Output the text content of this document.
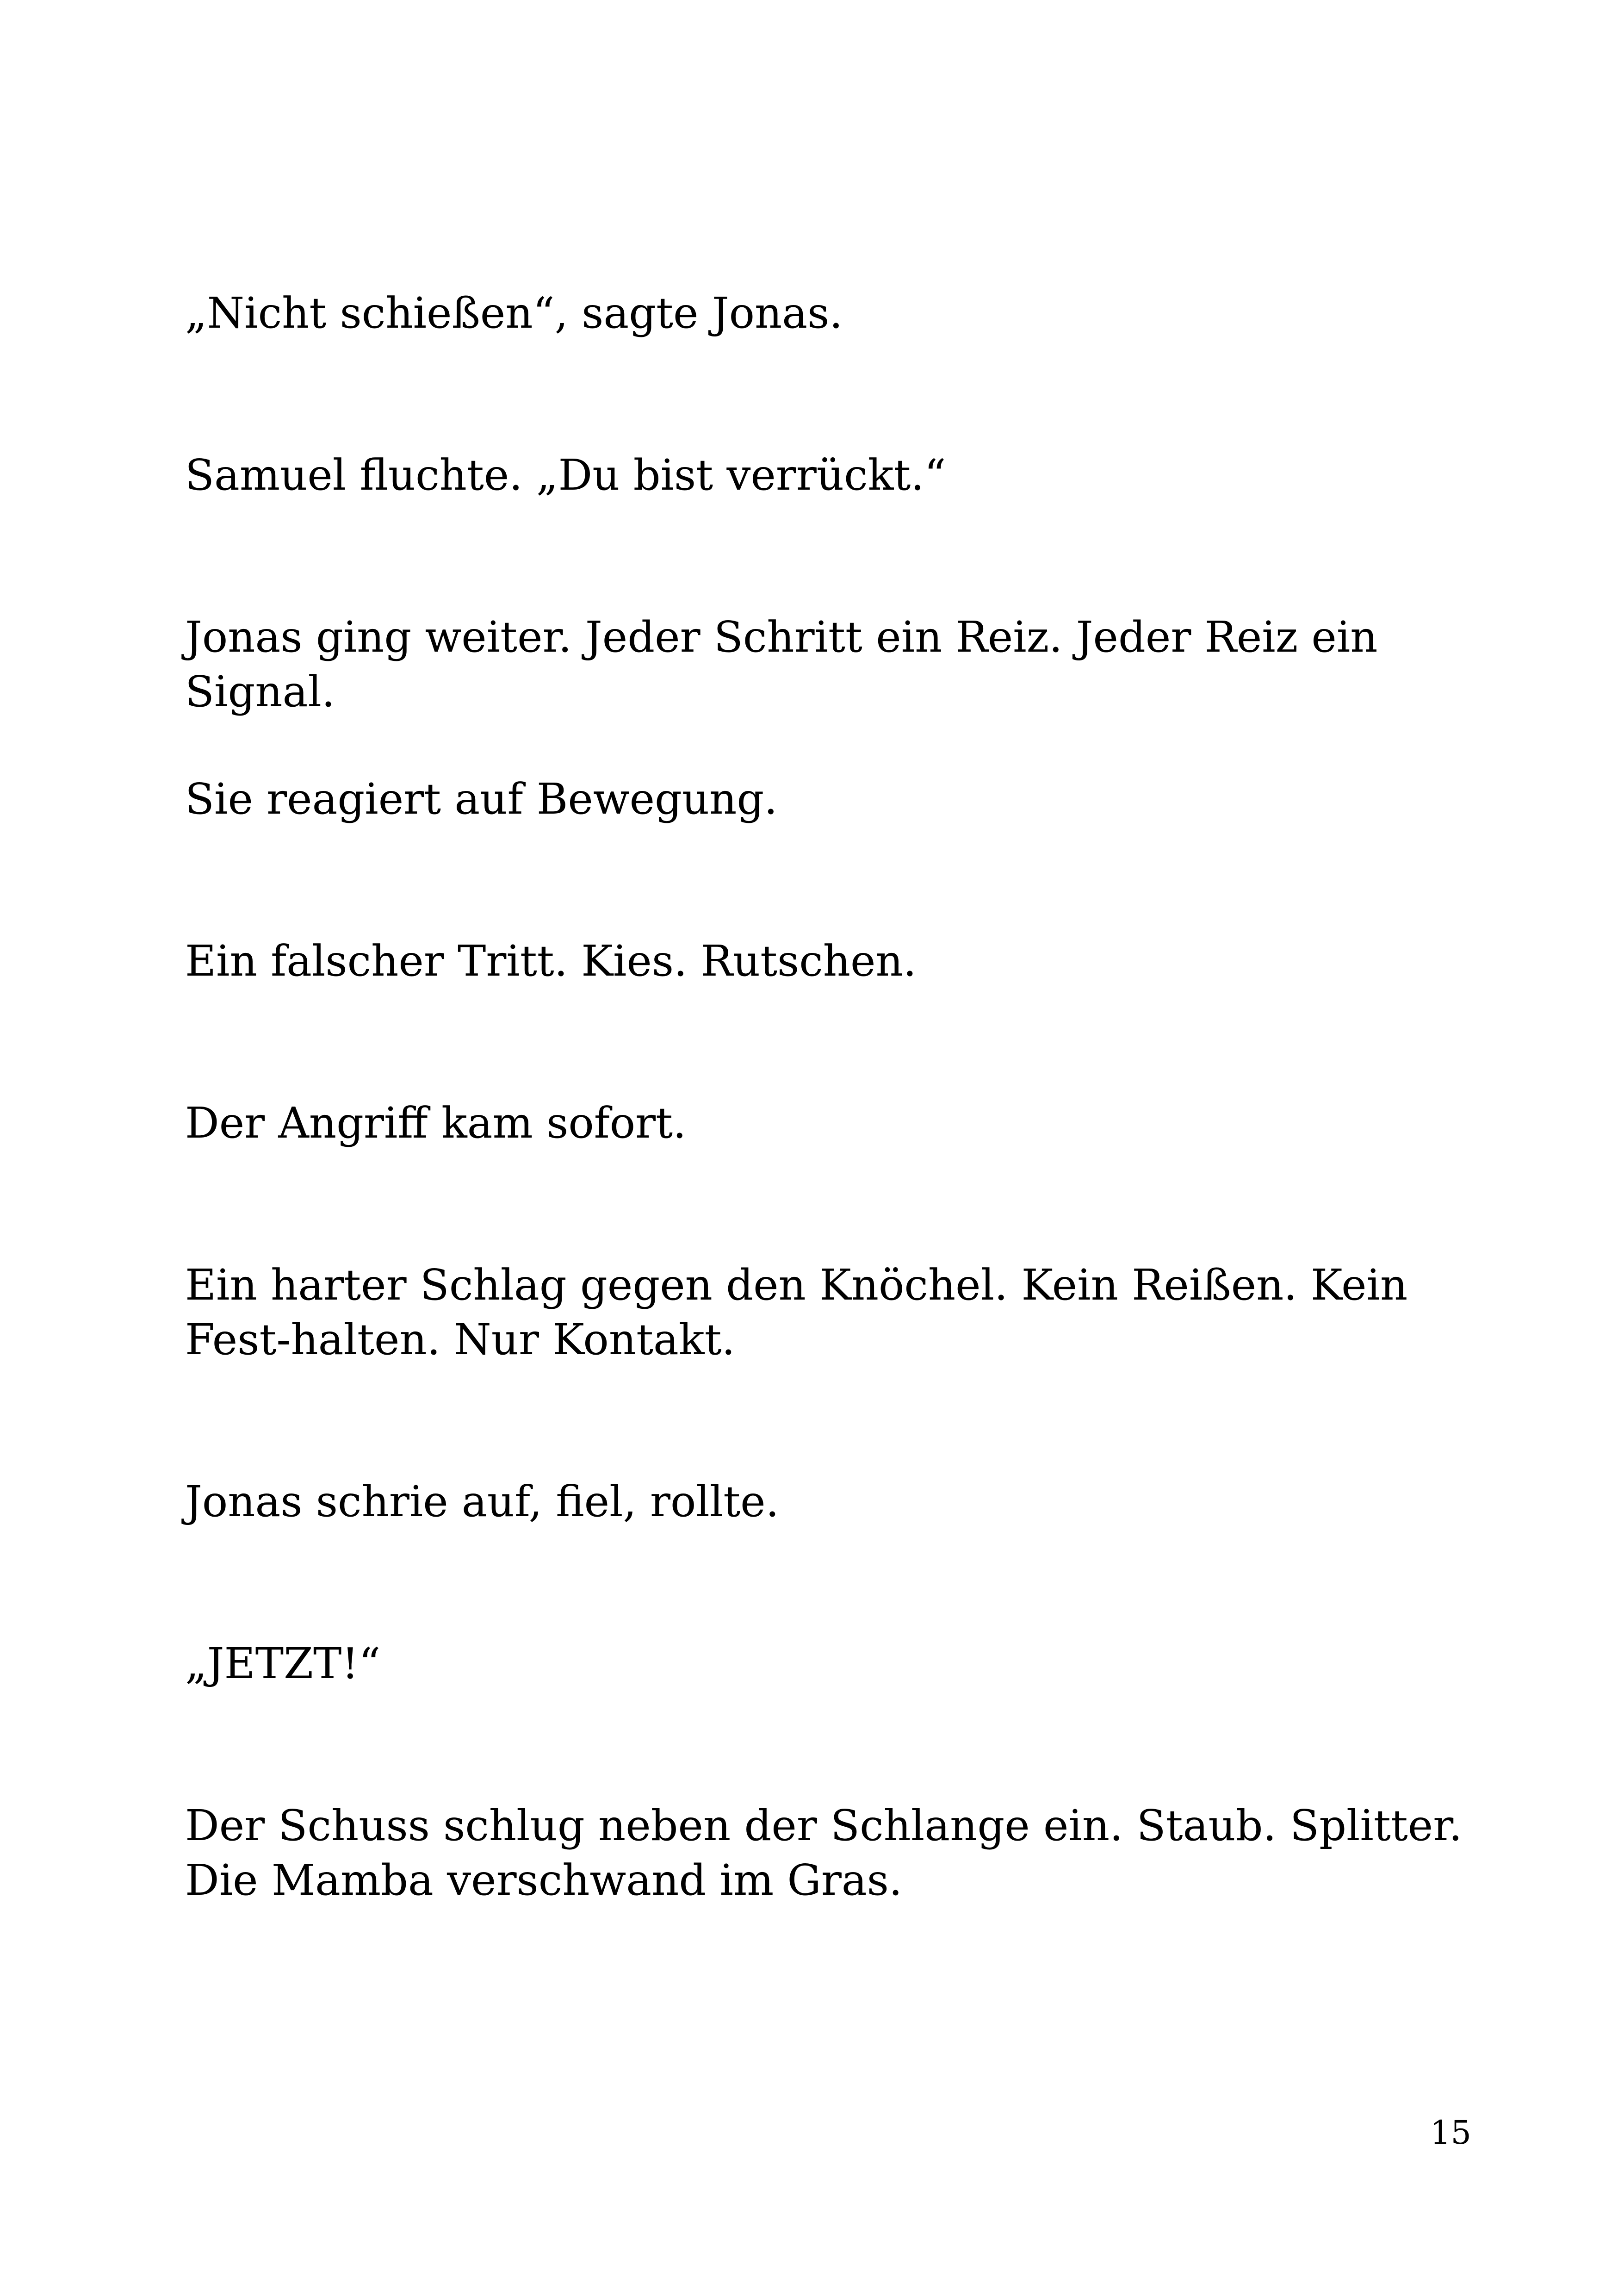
„Nicht schießen“, sagte Jonas.

Samuel fluchte. „Du bist verrückt.“

Jonas ging weiter. Jeder Schritt ein Reiz. Jeder Reiz ein Signal.

Sie reagiert auf Bewegung.

Ein falscher Tritt. Kies. Rutschen.

Der Angriff kam sofort.

Ein harter Schlag gegen den Knöchel. Kein Reißen. Kein Fest-halten. Nur Kontakt.

Jonas schrie auf, fiel, rollte.

„JETZT!“

Der Schuss schlug neben der Schlange ein. Staub. Splitter. Die Mamba verschwand im Gras.

15
